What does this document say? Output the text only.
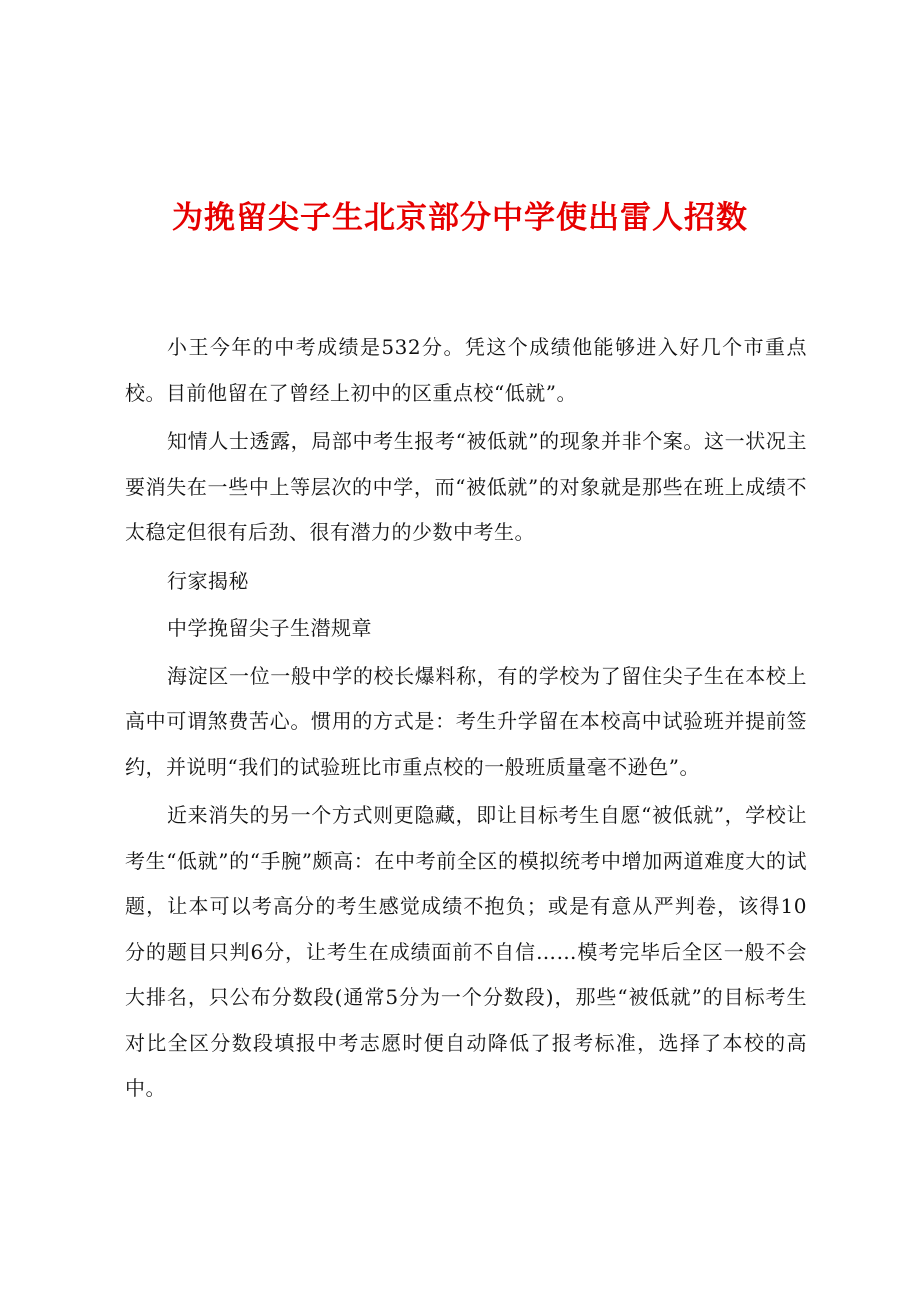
为挽留尖子生北京部分中学使出雷人招数

小王今年的中考成绩是532分。凭这个成绩他能够进入好几个市重点校。目前他留在了曾经上初中的区重点校“低就”。

知情人士透露，局部中考生报考“被低就”的现象并非个案。这一状况主要消失在一些中上等层次的中学，而“被低就”的对象就是那些在班上成绩不太稳定但很有后劲、很有潜力的少数中考生。

行家揭秘

中学挽留尖子生潜规章

海淀区一位一般中学的校长爆料称，有的学校为了留住尖子生在本校上高中可谓煞费苦心。惯用的方式是：考生升学留在本校高中试验班并提前签约，并说明“我们的试验班比市重点校的一般班质量毫不逊色”。

近来消失的另一个方式则更隐藏，即让目标考生自愿“被低就”，学校让考生“低就”的“手腕”颇高：在中考前全区的模拟统考中增加两道难度大的试题，让本可以考高分的考生感觉成绩不抱负；或是有意从严判卷，该得10分的题目只判6分，让考生在成绩面前不自信……模考完毕后全区一般不会大排名，只公布分数段(通常5分为一个分数段)，那些“被低就”的目标考生对比全区分数段填报中考志愿时便自动降低了报考标准，选择了本校的高中。
